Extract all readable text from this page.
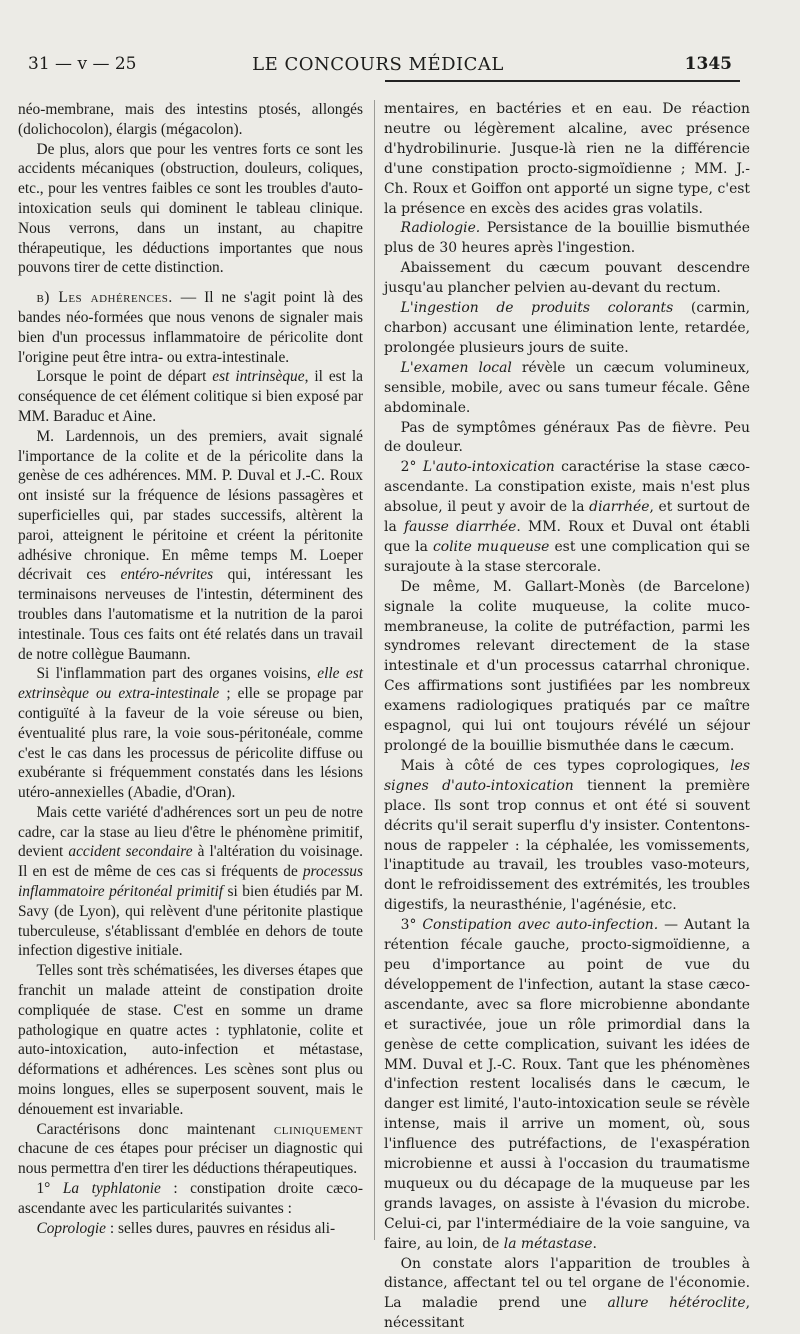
31 — v — 25	LE CONCOURS MÉDICAL	1345

néo-membrane, mais des intestins ptosés, allongés (dolichocolon), élargis (mégacolon).

De plus, alors que pour les ventres forts ce sont les accidents mécaniques (obstruction, douleurs, coliques, etc., pour les ventres faibles ce sont les troubles d'auto-intoxication seuls qui dominent le tableau clinique. Nous verrons, dans un instant, au chapitre thérapeutique, les déductions importantes que nous pouvons tirer de cette distinction.

b) Les adhérences. — Il ne s'agit point là des bandes néo-formées que nous venons de signaler mais bien d'un processus inflammatoire de péricolite dont l'origine peut être intra- ou extra-intestinale.

Lorsque le point de départ est intrinsèque, il est la conséquence de cet élément colitique si bien exposé par MM. Baraduc et Aine.

M. Lardennois, un des premiers, avait signalé l'importance de la colite et de la péricolite dans la genèse de ces adhérences. MM. P. Duval et J.-C. Roux ont insisté sur la fréquence de lésions passagères et superficielles qui, par stades successifs, altèrent la paroi, atteignent le péritoine et créent la péritonite adhésive chronique. En même temps M. Loeper décrivait ces entéro-névrites qui, intéressant les terminaisons nerveuses de l'intestin, déterminent des troubles dans l'automatisme et la nutrition de la paroi intestinale. Tous ces faits ont été relatés dans un travail de notre collègue Baumann.

Si l'inflammation part des organes voisins, elle est extrinsèque ou extra-intestinale ; elle se propage par contiguïté à la faveur de la voie séreuse ou bien, éventualité plus rare, la voie sous-péritonéale, comme c'est le cas dans les processus de péricolite diffuse ou exubérante si fréquemment constatés dans les lésions utéro-annexielles (Abadie, d'Oran).

Mais cette variété d'adhérences sort un peu de notre cadre, car la stase au lieu d'être le phénomène primitif, devient accident secondaire à l'altération du voisinage. Il en est de même de ces cas si fréquents de processus inflammatoire péritonéal primitif si bien étudiés par M. Savy (de Lyon), qui relèvent d'une péritonite plastique tuberculeuse, s'établissant d'emblée en dehors de toute infection digestive initiale.

Telles sont très schématisées, les diverses étapes que franchit un malade atteint de constipation droite compliquée de stase. C'est en somme un drame pathologique en quatre actes : typhlatonie, colite et auto-intoxication, auto-infection et métastase, déformations et adhérences. Les scènes sont plus ou moins longues, elles se superposent souvent, mais le dénouement est invariable.

Caractérisons donc maintenant cliniquement chacune de ces étapes pour préciser un diagnostic qui nous permettra d'en tirer les déductions thérapeutiques.

1° La typhlatonie : constipation droite cæco-ascendante avec les particularités suivantes :

Coprologie : selles dures, pauvres en résidus ali-

mentaires, en bactéries et en eau. De réaction neutre ou légèrement alcaline, avec présence d'hydrobilinurie. Jusque-là rien ne la différencie d'une constipation procto-sigmoïdienne ; MM. J.-Ch. Roux et Goiffon ont apporté un signe type, c'est la présence en excès des acides gras volatils.

Radiologie. Persistance de la bouillie bismuthée plus de 30 heures après l'ingestion.

Abaissement du cæcum pouvant descendre jusqu'au plancher pelvien au-devant du rectum.

L'ingestion de produits colorants (carmin, charbon) accusant une élimination lente, retardée, prolongée plusieurs jours de suite.

L'examen local révèle un cæcum volumineux, sensible, mobile, avec ou sans tumeur fécale. Gêne abdominale.

Pas de symptômes généraux Pas de fièvre. Peu de douleur.

2° L'auto-intoxication caractérise la stase cæco-ascendante. La constipation existe, mais n'est plus absolue, il peut y avoir de la diarrhée, et surtout de la fausse diarrhée. MM. Roux et Duval ont établi que la colite muqueuse est une complication qui se surajoute à la stase stercorale.

De même, M. Gallart-Monès (de Barcelone) signale la colite muqueuse, la colite muco-membraneuse, la colite de putréfaction, parmi les syndromes relevant directement de la stase intestinale et d'un processus catarrhal chronique. Ces affirmations sont justifiées par les nombreux examens radiologiques pratiqués par ce maître espagnol, qui lui ont toujours révélé un séjour prolongé de la bouillie bismuthée dans le cæcum.

Mais à côté de ces types coprologiques, les signes d'auto-intoxication tiennent la première place. Ils sont trop connus et ont été si souvent décrits qu'il serait superflu d'y insister. Contentons-nous de rappeler : la céphalée, les vomissements, l'inaptitude au travail, les troubles vaso-moteurs, dont le refroidissement des extrémités, les troubles digestifs, la neurasthénie, l'agénésie, etc.

3° Constipation avec auto-infection. — Autant la rétention fécale gauche, procto-sigmoïdienne, a peu d'importance au point de vue du développement de l'infection, autant la stase cæco-ascendante, avec sa flore microbienne abondante et suractivée, joue un rôle primordial dans la genèse de cette complication, suivant les idées de MM. Duval et J.-C. Roux. Tant que les phénomènes d'infection restent localisés dans le cæcum, le danger est limité, l'auto-intoxication seule se révèle intense, mais il arrive un moment, où, sous l'influence des putréfactions, de l'exaspération microbienne et aussi à l'occasion du traumatisme muqueux ou du décapage de la muqueuse par les grands lavages, on assiste à l'évasion du microbe. Celui-ci, par l'intermédiaire de la voie sanguine, va faire, au loin, de la métastase.

On constate alors l'apparition de troubles à distance, affectant tel ou tel organe de l'économie. La maladie prend une allure hétéroclite, nécessitant
